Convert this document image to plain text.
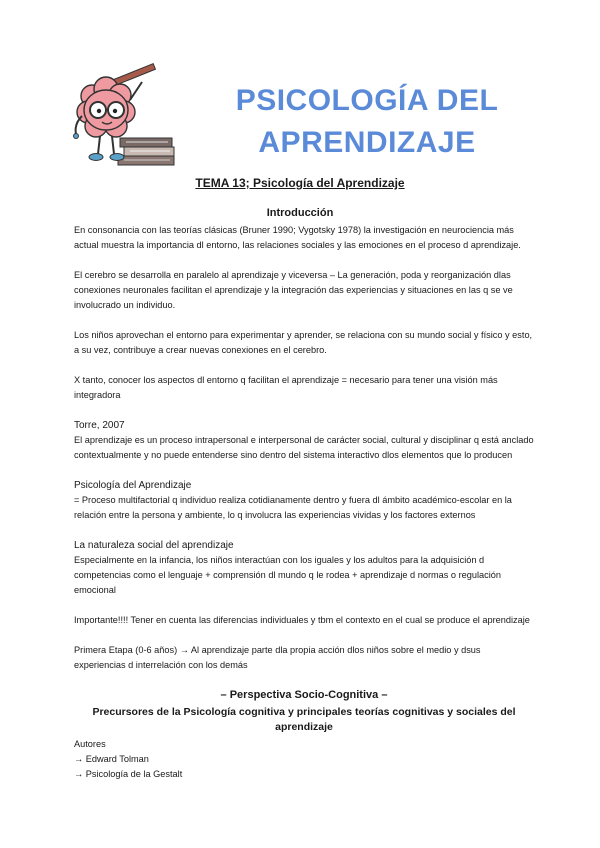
PSICOLOGÍA DEL
APRENDIZAJE

TEMA 13; Psicología del Aprendizaje

Introducción

En consonancia con las teorías clásicas (Bruner 1990; Vygotsky 1978) la investigación en neurociencia más actual muestra la importancia dl entorno, las relaciones sociales y las emociones en el proceso d aprendizaje.

El cerebro se desarrolla en paralelo al aprendizaje y viceversa – La generación, poda y reorganización dlas conexiones neuronales facilitan el aprendizaje y la integración das experiencias y situaciones en las q se ve involucrado un individuo.

Los niños aprovechan el entorno para experimentar y aprender, se relaciona con su mundo social y físico y esto, a su vez, contribuye a crear nuevas conexiones en el cerebro.

X tanto, conocer los aspectos dl entorno q facilitan el aprendizaje = necesario para tener una visión más integradora

Torre, 2007
El aprendizaje es un proceso intrapersonal e interpersonal de carácter social, cultural y disciplinar q está anclado contextualmente y no puede entenderse sino dentro del sistema interactivo dlos elementos que lo producen

Psicología del Aprendizaje
= Proceso multifactorial q individuo realiza cotidianamente dentro y fuera dl ámbito académico-escolar en la relación entre la persona y ambiente, lo q involucra las experiencias vividas y los factores externos

La naturaleza social del aprendizaje
Especialmente en la infancia, los niños interactúan con los iguales y los adultos para la adquisición d competencias como el lenguaje + comprensión dl mundo q le rodea + aprendizaje d normas o regulación emocional

Importante!!!! Tener en cuenta las diferencias individuales y tbm el contexto en el cual se produce el aprendizaje

Primera Etapa (0-6 años) → Al aprendizaje parte dla propia acción dlos niños sobre el medio y dsus experiencias d interrelación con los demás

– Perspectiva Socio-Cognitiva –
Precursores de la Psicología cognitiva y principales teorías cognitivas y sociales del aprendizaje
Autores
→ Edward Tolman
→ Psicología de la Gestalt
